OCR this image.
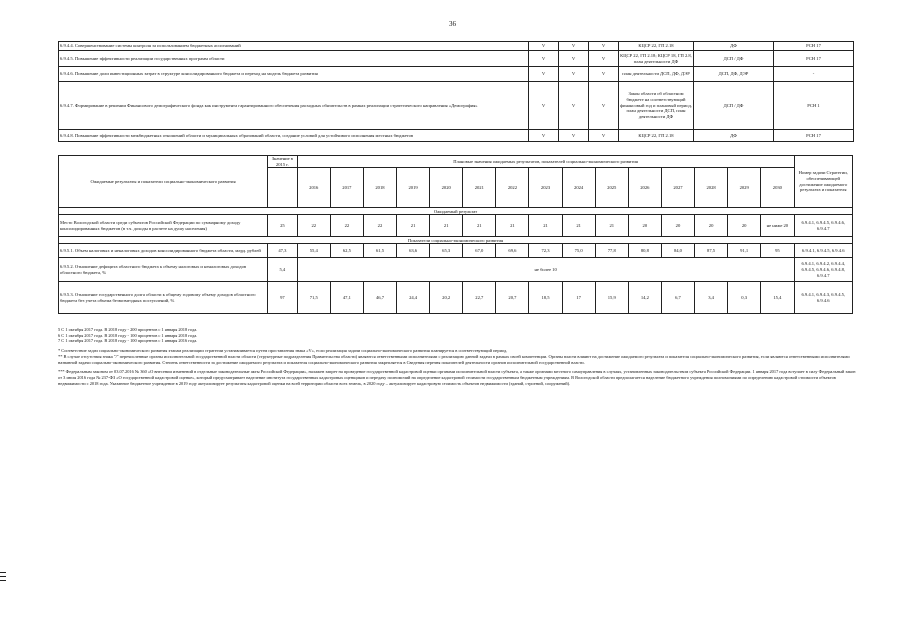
36
6.9.4.4. Совершенствование системы контроля за использованием бюджетных ассигнований	V	V	V	КЦСР 22, ГП 2.18	ДФ	РСН 17
6.9.4.5. Повышение эффективности реализации государственных программ области	V	V	V	КЦСР 22, ГП 2.18; КЦСР 18, ГП 2.8, план деятельности ДФ	ДСП / ДФ	РСН 17
6.9.4.6. Повышение доли инвестиционных затрат в структуре консолидированного бюджета и переход на модель бюджета развития	V	V	V	план деятельности ДСП, ДФ, ДЭР	ДСП, ДФ, ДЭР	-
6.9.4.7. Формирование в решении Финансового демографического фонда как инструмента гарантированного обеспечения расходных обязательств в рамках реализации стратегического направления «Демография»	V	V	V	Закон области об областном бюджете на соответствующий финансовый год и плановый период, план деятельности ДСП, план деятельности ДФ	ДСП / ДФ	РСН 1
6.9.4.8. Повышение эффективности межбюджетных отношений области и муниципальных образований области, создание условий для устойчивого исполнения местных бюджетов	V	V	V	КЦСР 22, ГП 2.18	ДФ	РСН 17
Ожидаемые результаты и показатели социально-экономического развития	Значение в 2015 г.	Плановые значения ожидаемых результатов, показателей социально-экономического развития															Номер задачи Стратегии, обеспечивающей достижение ожидаемого результата и показателя
		2016	2017	2018	2019	2020	2021	2022	2023	2024	2025	2026	2027	2028	2029	2030	
Ожидаемый результат																	
Место Вологодской области среди субъектов Российской Федерации по суммарному доходу консолидированных бюджетов (в т.ч. доходы в расчете на душу населения)	25	22	22	22	21	21	21	21	21	21	21	20	20	20	20	не ниже 20	6.9.4.1, 6.9.4.5, 6.9.4.6, 6.9.4.7
Показатели социально-экономического развития																	
6.9.5.1. Объем налоговых и неналоговых доходов консолидированного бюджета области, млрд. рублей	47,3	55,4	62,5	61,5	63,6	65,3	67,0	69,6	72,3	75,0	77,8	80,8	84,0	87,5	91,1	95	6.9.4.1, 6.9.4.5, 6.9.4.6
6.9.5.2. Отношение дефицита областного бюджета к объему налоговых и неналоговых доходов областного бюджета, %	5,4	не более 10															6.9.4.1, 6.9.4.2, 6.9.4.4, 6.9.4.5, 6.9.4.6, 6.9.4.8, 6.9.4.7
6.9.5.3. Отношение государственного долга области к общему годовому объему доходов областного бюджета без учета объема безвозмездных поступлений, %	97	71,5	47,1	46,7	24,4	20,2	22,7	20,7	18,5	17	15,9	14,2	6,7	3,4	0,3	15,4	6.9.4.1, 6.9.4.3, 6.9.4.5, 6.9.4.6

5 С 1 октября 2017 года. В 2018 году - 200 процентов с 1 января 2018 года.

6 С 1 октября 2017 года. В 2018 году - 100 процентов с 1 января 2018 года.

7 С 1 октября 2017 года. В 2018 году - 100 процентов с 1 января 2016 года.

* Соответствие задач социально-экономического развития этапам реализации стратегии устанавливается путем проставления знака «V», если реализация задачи социально-экономического развития планируется в соответствующий период.

** В случае отсутствия знака "/" перечисленные органы исполнительной государственной власти области (структурные подразделения Правительства области) являются ответственными исполнителями с реализацию данной задачи в рамках своей компетенции. Органы власти влияют на достижение ожидаемого результата и показателя социально-экономического развития, если являются ответственными исполнителями названной задачи социально-экономического развития. Степень ответственности за достижение ожидаемого результата и показателя социально-экономического развития закрепляется в Сведения перечня показателей деятельности органов исполнительной государственной власти.

*** Федеральным законом от 03.07.2016 № 360 «О внесении изменений в отдельные законодательные акты Российской Федерации», налажен запрет на проведение государственной кадастровой оценки органами исполнительной власти субъекта, а также органами местного самоуправления в случаях, установленных законодательством субъекта Российской Федерации. 1 января 2017 года вступает в силу Федеральный закон от 3 июля 2016 года № 237-ФЗ «О государственной кадастровой оценке», который предусматривает наделение института государственных кадастровых оценщиков и передачу полномочий на определение кадастровой стоимости государственным бюджетным учреждениям. В Вологодской области предполагается наделение бюджетного учреждения полномочиями по определению кадастровой стоимости объектов недвижимости с 2018 года. Указанное бюджетное учреждение в 2019 году актуализирует результаты кадастровой оценки на всей территории области всех земель, в 2020 году – актуализирует кадастровую стоимость объектов недвижимости (зданий, строений, сооружений).
